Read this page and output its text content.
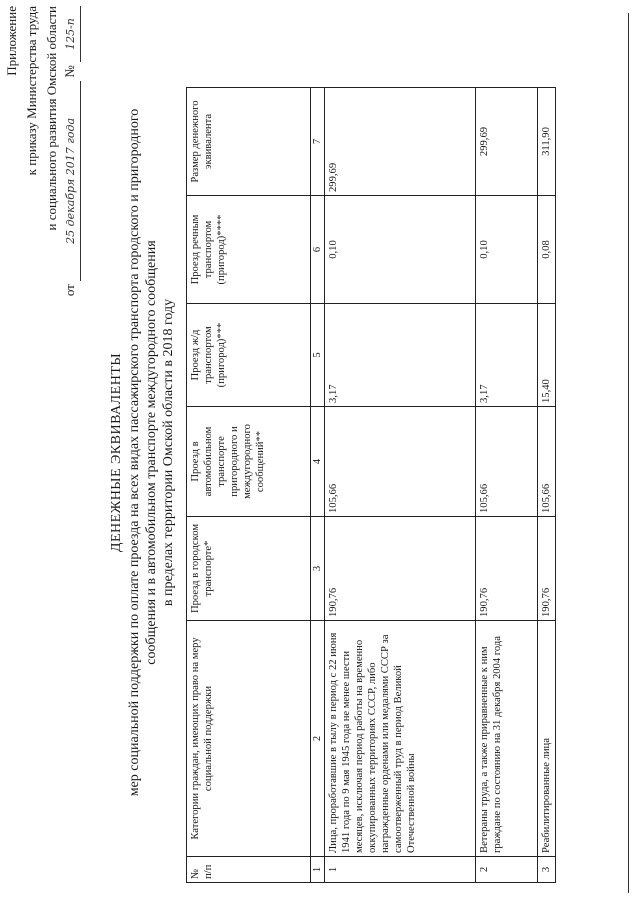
Приложение к приказу Министерства труда и социального развития Омской области
от 25 декабря 2017 года № 125-п
ДЕНЕЖНЫЕ ЭКВИВАЛЕНТЫ мер социальной поддержки по оплате проезда на всех видах пассажирского транспорта городского и пригородного сообщения и в автомобильном транспорте междугородного сообщения в пределах территории Омской области в 2018 году
№ п/п	Категории граждан, имеющих право на меру социальной поддержки	Проезд в городском транспорте*	Проезд в автомобильном транспорте пригородного и междугородного сообщений**	Проезд ж/д транспортом (пригород)***	Проезд речным транспортом (пригород)****	Размер денежного эквивалента
1	2	3	4	5	6	7
1	Лица, проработавшие в тылу в период с 22 июня 1941 года по 9 мая 1945 года не менее шести месяцев, исключая период работы на временно оккупированных территориях СССР, либо награжденные орденами или медалями СССР за самоотверженный труд в период Великой Отечественной войны	190,76	105,66	3,17	0,10	299,69
2	Ветераны труда, а также приравненные к ним граждане по состоянию на 31 декабря 2004 года	190,76	105,66	3,17	0,10	299,69
3	Реабилитированные лица	190,76	105,66	15,40	0,08	311,90
